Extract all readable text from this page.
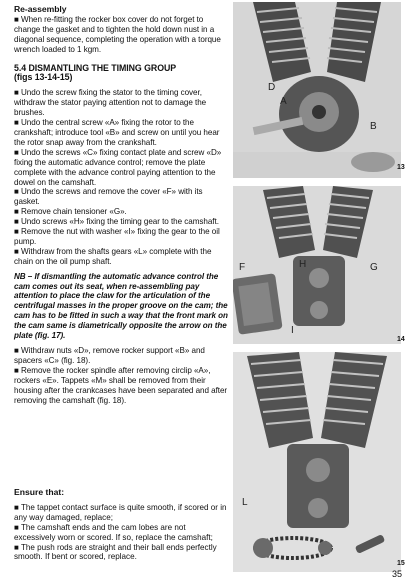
Re-assembly

■ When re-fitting the rocker box cover do not forget to change the gasket and to tighten the hold down nust in a diagonal sequence, completing the operation with a torque wrench loaded to 1 kgm.

5.4 DISMANTLING THE TIMING GROUP

(figs 13-14-15)

■ Undo the screw fixing the stator to the timing cover, withdraw the stator paying attention not to damage the brushes.

■ Undo the central screw «A» fixing the rotor to the crankshaft; introduce tool «B» and screw on until you hear the rotor snap away from the crankshaft.

■ Undo the screws «C» fixing contact plate and screw «D» fixing the automatic advance control; remove the plate complete with the advance control paying attention to the dowel on the camshaft.

■ Undo the screws and remove the cover «F» with its gasket.

■ Remove chain tensioner «G».

■ Undo screws «H» fixing the timing gear to the camshaft.

■ Remove the nut with washer «I» fixing the gear to the oil pump.

■ Withdraw from the shafts gears «L» complete with the chain on the oil pump shaft.

NB – If dismantling the automatic advance control the cam comes out its seat, when re-assembling pay attention to place the claw for the articulation of the centrifugal masses in the proper groove on the cam; the cam has to be fitted in such a way that the front mark on the cam same is diametrically opposite the arrow on the plate (fig. 17).

■ Withdraw nuts «D», remove rocker support «B» and spacers «C» (fig. 18).

■ Remove the rocker spindle after removing circlip «A», rockers «E». Tappets «M» shall be removed from their housing after the crankcases have been separated and after removing the camshaft (fig. 18).

Ensure that:

■ The tappet contact surface is quite smooth, if scored or in any way damaged, replace;

■ The camshaft ends and the cam lobes are not excessively worn or scored. If so, replace the camshaft;

■ The push rods are straight and their ball ends perfectly smooth. If bent or scored, replace.

D
A
B
13
F	H	G
I
14
L
15
35
